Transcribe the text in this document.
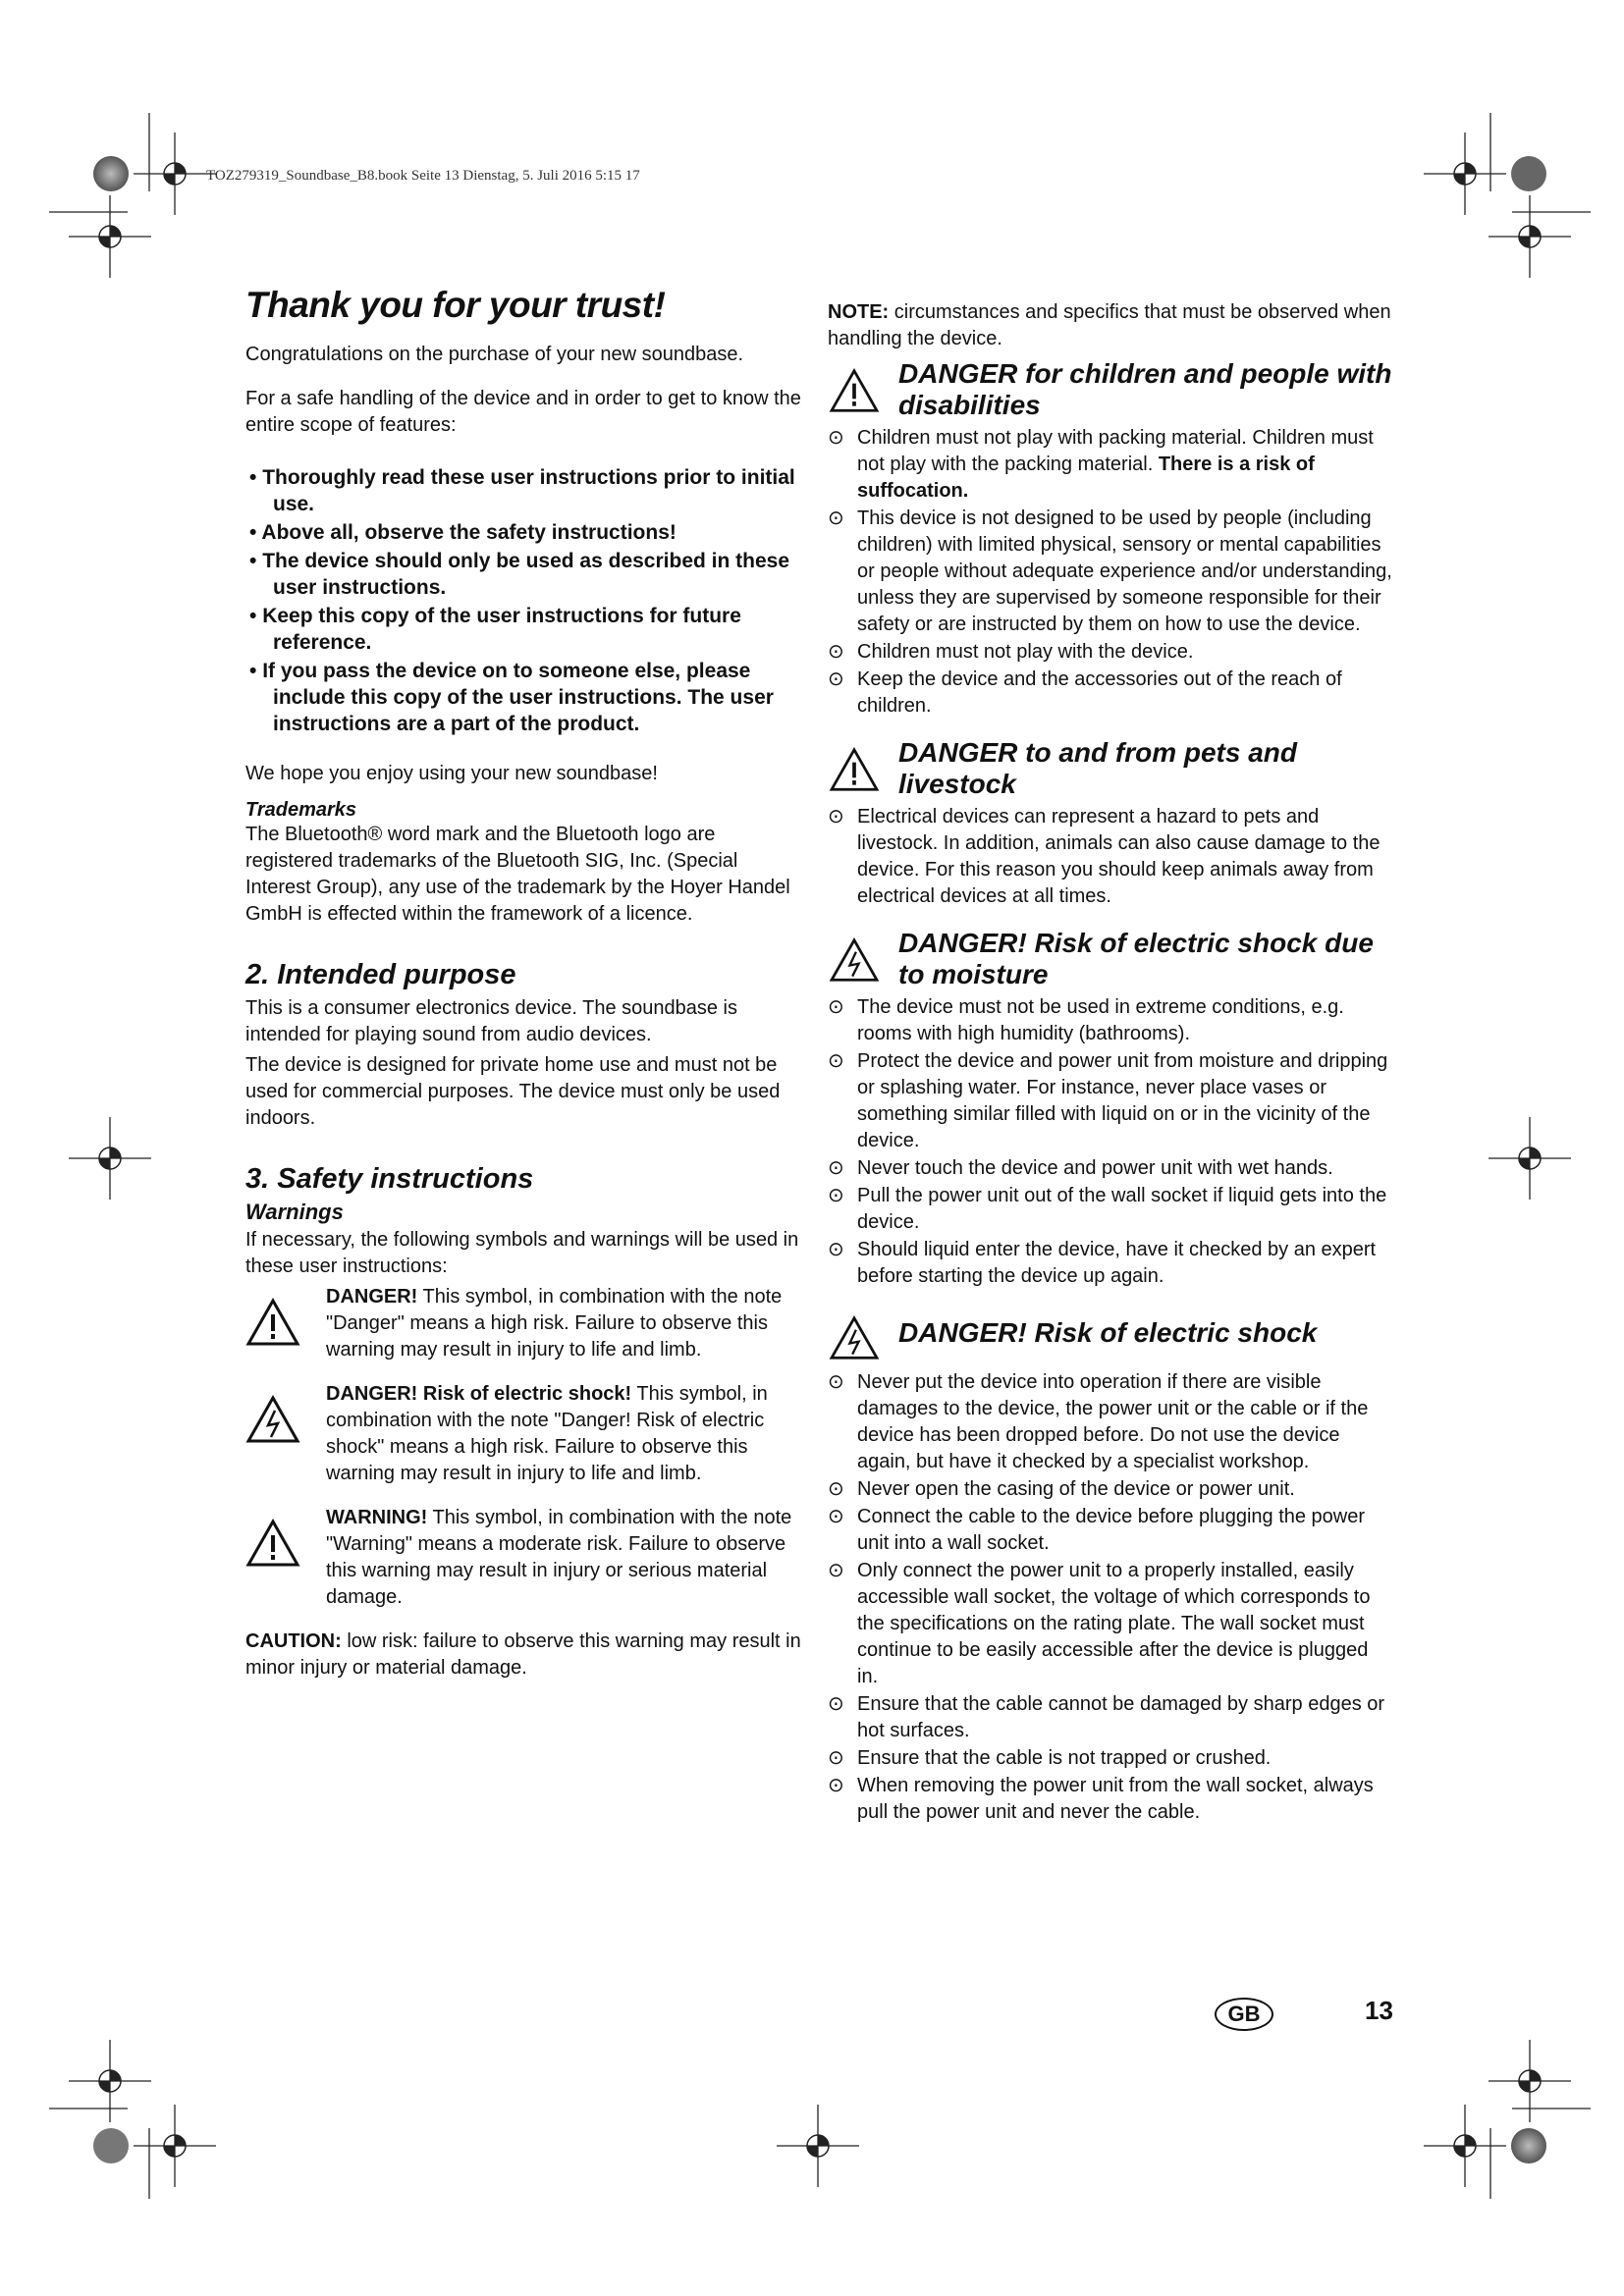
TOZ279319_Soundbase_B8.book Seite 13 Dienstag, 5. Juli 2016 5:15 17
Thank you for your trust!

Congratulations on the purchase of your new soundbase.

For a safe handling of the device and in order to get to know the entire scope of features:

• Thoroughly read these user instructions prior to initial use.
• Above all, observe the safety instructions!
• The device should only be used as described in these user instructions.
• Keep this copy of the user instructions for future reference.
• If you pass the device on to someone else, please include this copy of the user instructions. The user instructions are a part of the product.

We hope you enjoy using your new soundbase!

Trademarks

The Bluetooth® word mark and the Bluetooth logo are registered trademarks of the Bluetooth SIG, Inc. (Special Interest Group), any use of the trademark by the Hoyer Handel GmbH is effected within the framework of a licence.

2. Intended purpose

This is a consumer electronics device. The soundbase is intended for playing sound from audio devices.

The device is designed for private home use and must not be used for commercial purposes. The device must only be used indoors.

3. Safety instructions
Warnings

If necessary, the following symbols and warnings will be used in these user instructions:

DANGER! This symbol, in combination with the note "Danger" means a high risk. Failure to observe this warning may result in injury to life and limb.

DANGER! Risk of electric shock! This symbol, in combination with the note "Danger! Risk of electric shock" means a high risk. Failure to observe this warning may result in injury to life and limb.

WARNING! This symbol, in combination with the note "Warning" means a moderate risk. Failure to observe this warning may result in injury or serious material damage.

CAUTION: low risk: failure to observe this warning may result in minor injury or material damage.

NOTE: circumstances and specifics that must be observed when handling the device.

DANGER for children and people with disabilities
⊙ Children must not play with packing material. Children must not play with the packing material. There is a risk of suffocation.
⊙ This device is not designed to be used by people (including children) with limited physical, sensory or mental capabilities or people without adequate experience and/or understanding, unless they are supervised by someone responsible for their safety or are instructed by them on how to use the device.
⊙ Children must not play with the device.
⊙ Keep the device and the accessories out of the reach of children.
DANGER to and from pets and livestock
⊙ Electrical devices can represent a hazard to pets and livestock. In addition, animals can also cause damage to the device. For this reason you should keep animals away from electrical devices at all times.
DANGER! Risk of electric shock due to moisture
⊙ The device must not be used in extreme conditions, e.g. rooms with high humidity (bathrooms).
⊙ Protect the device and power unit from moisture and dripping or splashing water. For instance, never place vases or something similar filled with liquid on or in the vicinity of the device.
⊙ Never touch the device and power unit with wet hands.
⊙ Pull the power unit out of the wall socket if liquid gets into the device.
⊙ Should liquid enter the device, have it checked by an expert before starting the device up again.
DANGER! Risk of electric shock
⊙ Never put the device into operation if there are visible damages to the device, the power unit or the cable or if the device has been dropped before. Do not use the device again, but have it checked by a specialist workshop.
⊙ Never open the casing of the device or power unit.
⊙ Connect the cable to the device before plugging the power unit into a wall socket.
⊙ Only connect the power unit to a properly installed, easily accessible wall socket, the voltage of which corresponds to the specifications on the rating plate. The wall socket must continue to be easily accessible after the device is plugged in.
⊙ Ensure that the cable cannot be damaged by sharp edges or hot surfaces.
⊙ Ensure that the cable is not trapped or crushed.
⊙ When removing the power unit from the wall socket, always pull the power unit and never the cable.
GB	13
